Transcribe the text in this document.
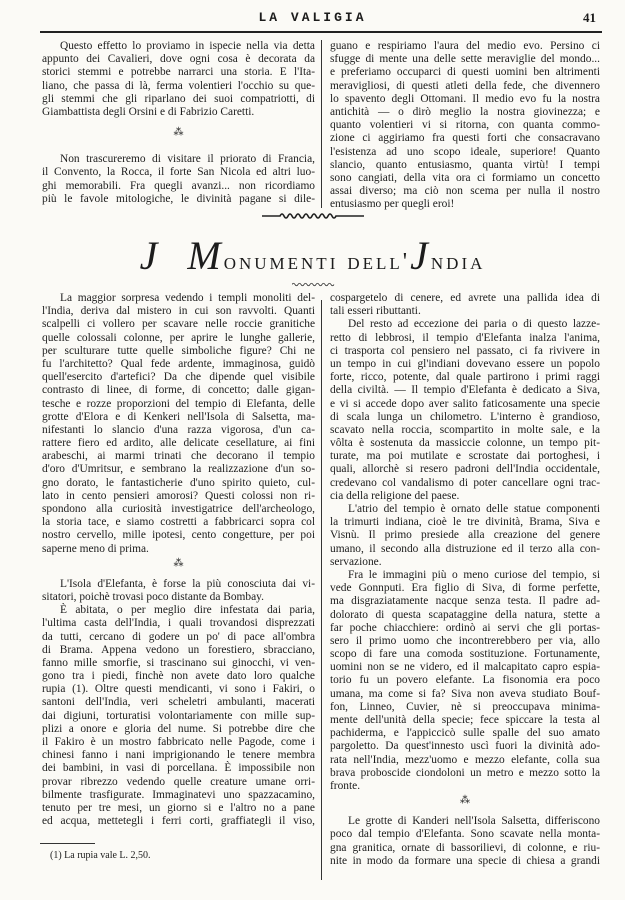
LA VALIGIA	41
Questo effetto lo proviamo in ispecie nella via detta
appunto dei Cavalieri, dove ogni cosa è decorata da
storici stemmi e potrebbe narrarci una storia. E l'Ita-
liano, che passa di là, ferma volentieri l'occhio su que-
gli stemmi che gli riparlano dei suoi compatriotti, di
Giambattista degli Orsini e di Fabrizio Caretti.
⁂
Non trascureremo di visitare il priorato di Francia,
il Convento, la Rocca, il forte San Nicola ed altri luo-
ghi memorabili. Fra quegli avanzi... non ricordiamo
più le favole mitologiche, le divinità pagane si dile-
guano e respiriamo l'aura del medio evo. Persino ci
sfugge di mente una delle sette meraviglie del mondo...
e preferiamo occuparci di questi uomini ben altrimenti
meravigliosi, di questi atleti della fede, che divennero
lo spavento degli Ottomani. Il medio evo fu la nostra
antichità — o dirò meglio la nostra giovinezza; e
quanto volentieri vi si ritorna, con quanta commo-
zione ci aggiriamo fra questi forti che consacravano
l'esistenza ad uno scopo ideale, superiore! Quanto
slancio, quanto entusiasmo, quanta virtù! I tempi
sono cangiati, della vita ora ci formiamo un concetto
assai diverso; ma ciò non scema per nulla il nostro
entusiasmo per quegli eroi!
J Monumenti dell'Jndia
La maggior sorpresa vedendo i templi monoliti del-
l'India, deriva dal mistero in cui son ravvolti. Quanti
scalpelli ci vollero per scavare nelle roccie granitiche
quelle colossali colonne, per aprire le lunghe gallerie,
per sculturare tutte quelle simboliche figure? Chi ne
fu l'architetto? Qual fede ardente, immaginosa, guidò
quell'esercito d'artefici? Da che dipende quel visibile
contrasto di linee, di forme, di concetto; dalle gigan-
tesche e rozze proporzioni del tempio di Elefanta, delle
grotte d'Elora e di Kenkeri nell'Isola di Salsetta, ma-
nifestanti lo slancio d'una razza vigorosa, d'un ca-
rattere fiero ed ardito, alle delicate cesellature, ai fini
arabeschi, ai marmi trinati che decorano il tempio
d'oro d'Umritsur, e sembrano la realizzazione d'un so-
gno dorato, le fantasticherie d'uno spirito quieto, cul-
lato in cento pensieri amorosi? Questi colossi non ri-
spondono alla curiosità investigatrice dell'archeologo,
la storia tace, e siamo costretti a fabbricarci sopra col
nostro cervello, mille ipotesi, cento congetture, per poi
saperne meno di prima.
⁂
L'Isola d'Elefanta, è forse la più conosciuta dai vi-
sitatori, poichè trovasi poco distante da Bombay.
È abitata, o per meglio dire infestata dai paria,
l'ultima casta dell'India, i quali trovandosi disprezzati
da tutti, cercano di godere un po' di pace all'ombra
di Brama. Appena vedono un forestiero, sbracciano,
fanno mille smorfie, si trascinano sui ginocchi, vi ven-
gono tra i piedi, finchè non avete dato loro qualche
rupia (1). Oltre questi mendicanti, vi sono i Fakiri, o
santoni dell'India, veri scheletri ambulanti, macerati
dai digiuni, torturatisi volontariamente con mille sup-
plizi a onore e gloria del nume. Si potrebbe dire che
il Fakiro è un mostro fabbricato nelle Pagode, come i
chinesi fanno i nani imprigionando le tenere membra
dei bambini, in vasi di porcellana. È impossibile non
provar ribrezzo vedendo quelle creature umane orri-
bilmente trasfigurate. Immaginatevi uno spazzacamino,
tenuto per tre mesi, un giorno si e l'altro no a pane
ed acqua, mettetegli i ferri corti, graffiategli il viso,
cospargetelo di cenere, ed avrete una pallida idea di
tali esseri ributtanti.
Del resto ad eccezione dei paria o di questo lazze-
retto di lebbrosi, il tempio d'Elefanta inalza l'anima,
ci trasporta col pensiero nel passato, ci fa rivivere in
un tempo in cui gl'indiani dovevano essere un popolo
forte, ricco, potente, dal quale partirono i primi raggi
della civiltà. — Il tempio d'Elefanta è dedicato a Siva,
e vi si accede dopo aver salito faticosamente una specie
di scala lunga un chilometro. L'interno è grandioso,
scavato nella roccia, scompartito in molte sale, e la
vôlta è sostenuta da massiccie colonne, un tempo pit-
turate, ma poi mutilate e scrostate dai portoghesi, i
quali, allorchè si resero padroni dell'India occidentale,
credevano col vandalismo di poter cancellare ogni trac-
cia della religione del paese.
L'atrio del tempio è ornato delle statue componenti
la trimurti indiana, cioè le tre divinità, Brama, Siva e
Visnù. Il primo presiede alla creazione del genere
umano, il secondo alla distruzione ed il terzo alla con-
servazione.
Fra le immagini più o meno curiose del tempio, si
vede Gonnputi. Era figlio di Siva, di forme perfette,
ma disgraziatamente nacque senza testa. Il padre ad-
dolorato di questa scapataggine della natura, stette a
far poche chiacchiere: ordinò ai servi che gli portas-
sero il primo uomo che incontrerebbero per via, allo
scopo di fare una comoda sostituzione. Fortunamente,
uomini non se ne videro, ed il malcapitato capro espia-
torio fu un povero elefante. La fisonomia era poco
umana, ma come si fa? Siva non aveva studiato Bouf-
fon, Linneo, Cuvier, nè si preoccupava minima-
mente dell'unità della specie; fece spiccare la testa al
pachiderma, e l'appiccicò sulle spalle del suo amato
pargoletto. Da quest'innesto uscì fuori la divinità ado-
rata nell'India, mezz'uomo e mezzo elefante, colla sua
brava proboscide ciondoloni un metro e mezzo sotto la
fronte.
⁂
Le grotte di Kanderi nell'Isola Salsetta, differiscono
poco dal tempio d'Elefanta. Sono scavate nella monta-
gna granitica, ornate di bassorilievi, di colonne, e riu-
nite in modo da formare una specie di chiesa a grandi
(1) La rupia vale L. 2,50.
